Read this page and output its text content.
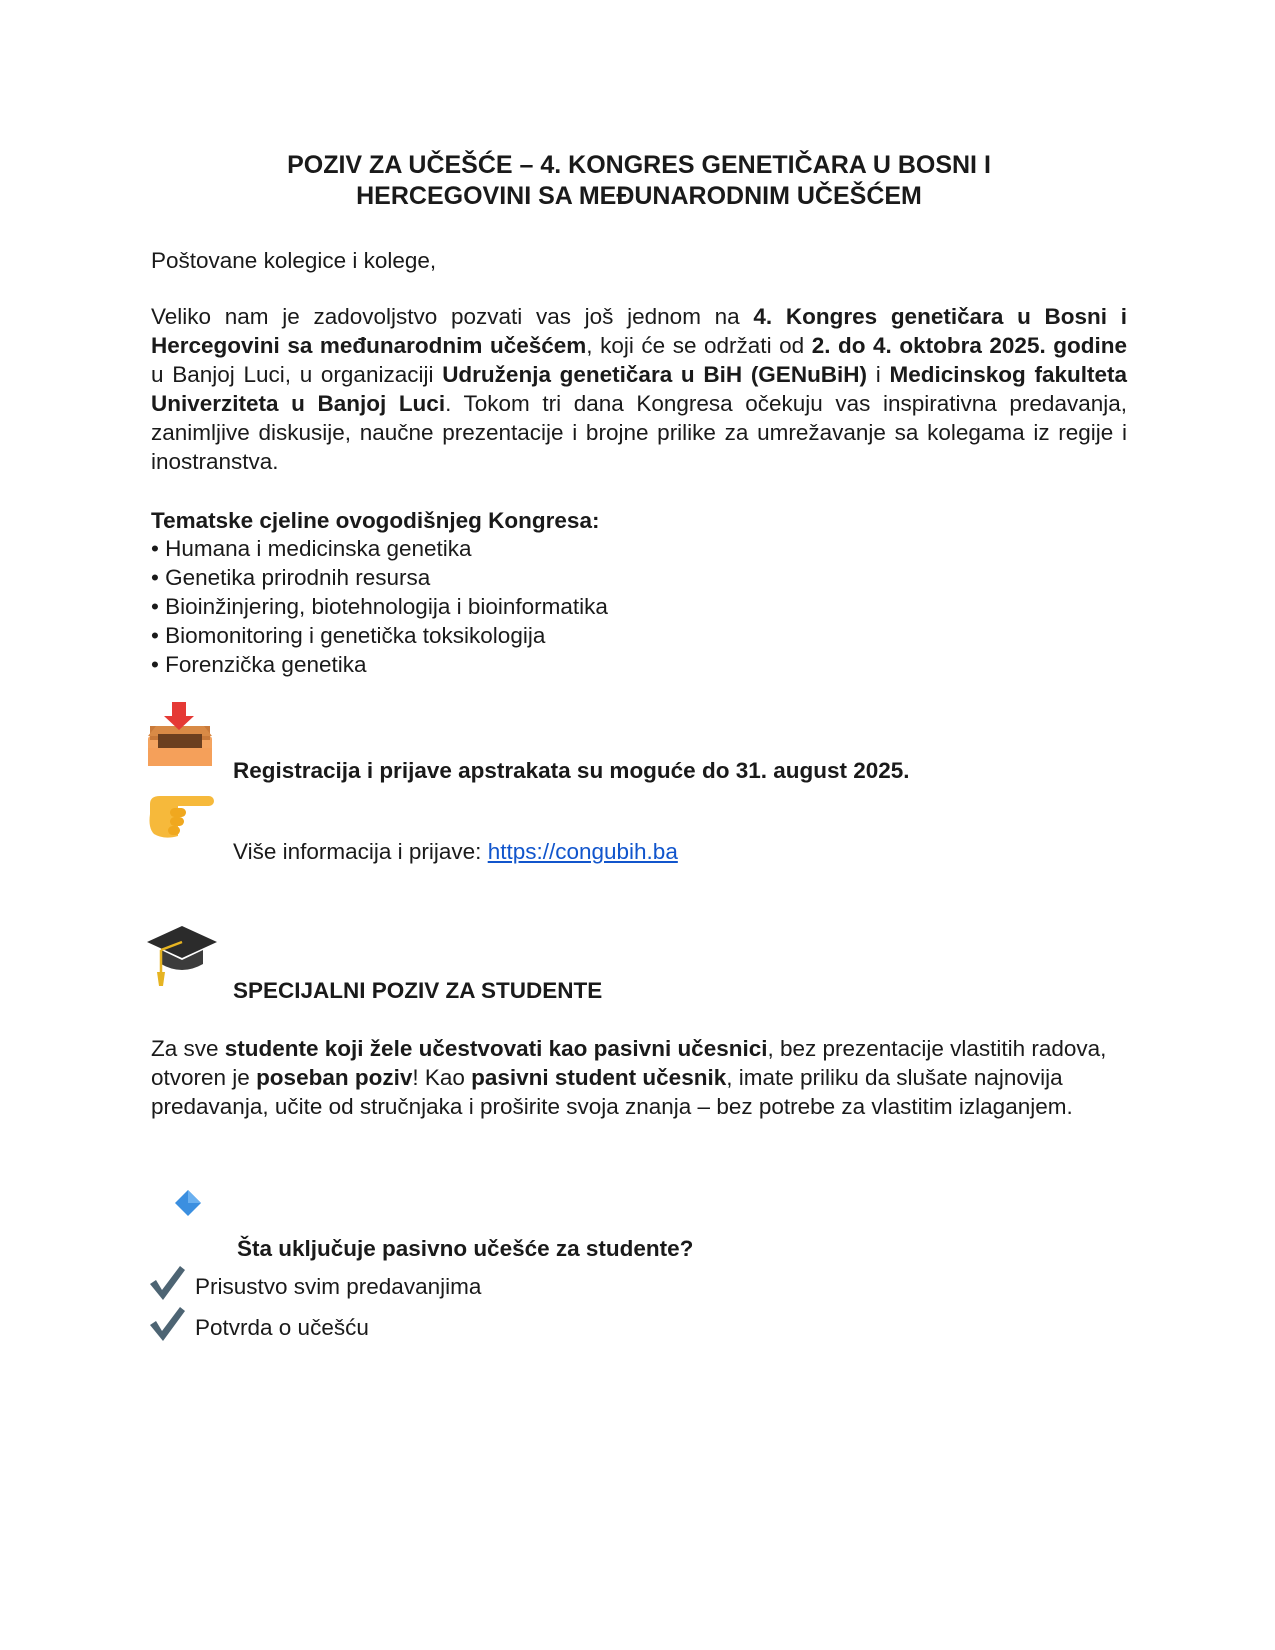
POZIV ZA UČEŠĆE – 4. KONGRES GENETIČARA U BOSNI I
HERCEGOVINI SA MEĐUNARODNIM UČEŠĆEM

Poštovane kolegice i kolege,

Veliko nam je zadovoljstvo pozvati vas još jednom na 4. Kongres genetičara u Bosni i Hercegovini sa međunarodnim učešćem, koji će se održati od 2. do 4. oktobra 2025. godine u Banjoj Luci, u organizaciji Udruženja genetičara u BiH (GENuBiH) i Medicinskog fakulteta Univerziteta u Banjoj Luci. Tokom tri dana Kongresa očekuju vas inspirativna predavanja, zanimljive diskusije, naučne prezentacije i brojne prilike za umrežavanje sa kolegama iz regije i inostranstva.

Tematske cjeline ovogodišnjeg Kongresa:

• Humana i medicinska genetika
• Genetika prirodnih resursa
• Bioinžinjering, biotehnologija i bioinformatika
• Biomonitoring i genetička toksikologija
• Forenzička genetika

Registracija i prijave apstrakata su moguće do 31. august 2025.

Više informacija i prijave: https://congubih.ba

SPECIJALNI POZIV ZA STUDENTE

Za sve studente koji žele učestvovati kao pasivni učesnici, bez prezentacije vlastitih radova, otvoren je poseban poziv! Kao pasivni student učesnik, imate priliku da slušate najnovija predavanja, učite od stručnjaka i proširite svoja znanja – bez potrebe za vlastitim izlaganjem.

Šta uključuje pasivno učešće za studente?

Prisustvo svim predavanjima
Potvrda o učešću
